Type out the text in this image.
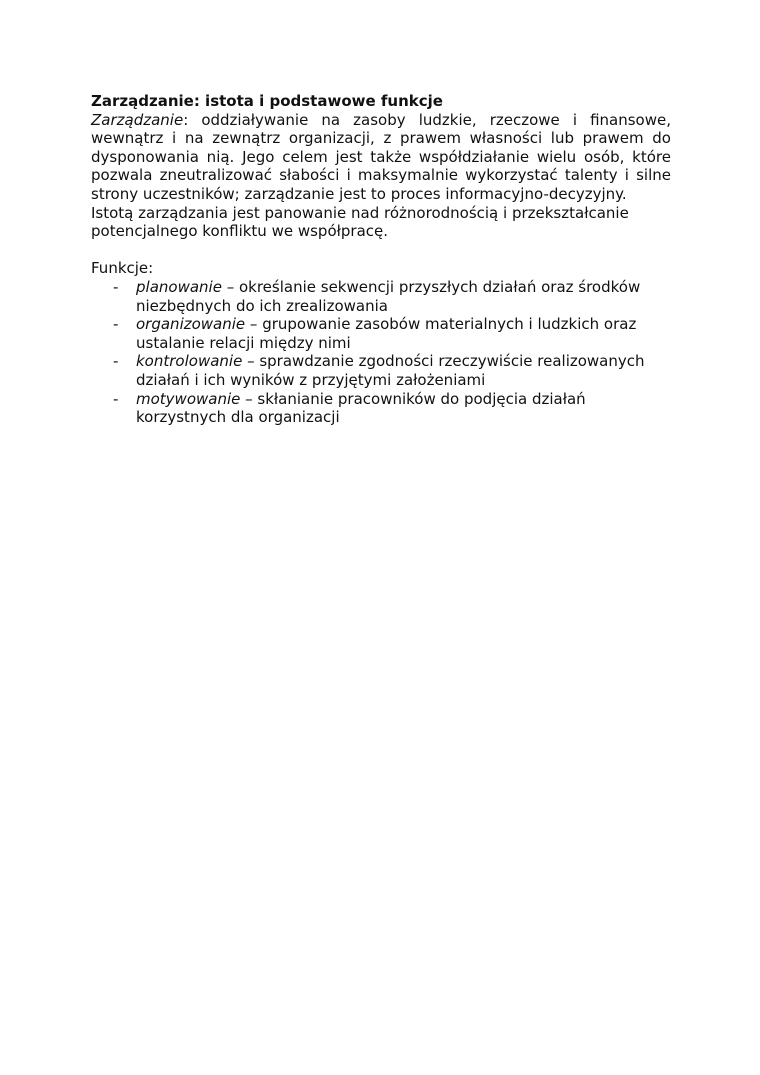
Zarządzanie: istota i podstawowe funkcje

Zarządzanie: oddziaływanie na zasoby ludzkie, rzeczowe i finansowe, wewnątrz i na zewnątrz organizacji, z prawem własności lub prawem do dysponowania nią. Jego celem jest także współdziałanie wielu osób, które pozwala zneutralizować słabości i maksymalnie wykorzystać talenty i silne strony uczestników; zarządzanie jest to proces informacyjno-decyzyjny.

Istotą zarządzania jest panowanie nad różnorodnością i przekształcanie potencjalnego konfliktu we współpracę.

Funkcje:

- planowanie – określanie sekwencji przyszłych działań oraz środków niezbędnych do ich zrealizowania
- organizowanie – grupowanie zasobów materialnych i ludzkich oraz ustalanie relacji między nimi
- kontrolowanie – sprawdzanie zgodności rzeczywiście realizowanych działań i ich wyników z przyjętymi założeniami
- motywowanie – skłanianie pracowników do podjęcia działań korzystnych dla organizacji
